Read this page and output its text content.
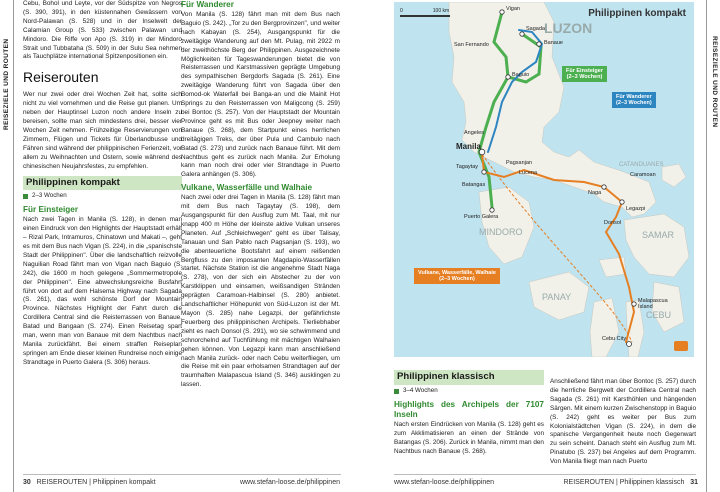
REISEZIELE UND ROUTEN

Cebu, Bohol und Leyte, vor der Südspitze von Negros (S. 390, 391), in den küstennahen Gewässern von Nord-Palawan (S. 528) und in der Inselwelt der Calamian Group (S. 533) zwischen Palawan und Mindoro. Die Riffe von Apo (S. 319) in der Mindoro Strait und Tubbataha (S. 509) in der Sulu Sea nehmen als Tauchplätze international Spitzenpositionen ein.

Reiserouten

Wer nur zwei oder drei Wochen Zeit hat, sollte sich nicht zu viel vornehmen und die Reise gut planen. Um neben der Hauptinsel Luzon noch andere Inseln zu bereisen, sollte man sich mindestens drei, besser vier Wochen Zeit nehmen. Frühzeitige Reservierungen von Zimmern, Flügen und Tickets für Überlandbusse und Fähren sind während der philippinischen Ferienzeit, vor allem zu Weihnachten und Ostern, sowie während des chinesischen Neujahrsfestes, zu empfehlen.

Philippinen kompakt
2–3 Wochen
Für Einsteiger

Nach zwei Tagen in Manila (S. 128), in denen man einen Eindruck von den Highlights der Hauptstadt erhält – Rizal Park, Intramuros, Chinatown und Makati –, geht es mit dem Bus nach Vigan (S. 224), in die „spanischste Stadt der Philippinen". Über die landschaftlich reizvolle Naguilian Road fährt man von Vigan nach Baguio (S. 242), die 1600 m hoch gelegene „Sommermetropole der Philippinen". Eine abwechslungsreiche Busfahrt führt von dort auf dem Halsema Highway nach Sagada (S. 261), das wohl schönste Dorf der Mountain Province. Nächstes Highlight der Fahrt durch die Cordillera Central sind die Reisterrassen von Banaue, Batad und Bangaan (S. 274). Einen Reisetag spart man, wenn man von Banaue mit dem Nachtbus nach Manila zurückfährt. Bei einem straffen Reiseplan springen am Ende dieser kleinen Rundreise noch einige Strandtage in Puerto Galera (S. 306) heraus.

Für Wanderer

Von Manila (S. 128) fährt man mit dem Bus nach Baguio (S. 242). „Tor zu den Bergprovinzen", und weiter nach Kabayan (S. 254), Ausgangspunkt für die zweitägige Wanderung auf den Mt. Pulag, mit 2922 m der zweithöchste Berg der Philippinen. Ausgezeichnete Möglichkeiten für Tageswanderungen bietet die von Reisterrassen und Karstmassiven geprägte Umgebung des sympathischen Bergdorfs Sagada (S. 261). Eine zweitägige Wanderung führt von Sagada über den Bomod-ok Waterfall bei Banga-an und die Mainit Hot Springs zu den Reisterrassen von Maligcong (S. 259) bei Bontoc (S. 257). Von der Hauptstadt der Mountain Province geht es mit Bus oder Jeepney weiter nach Banaue (S. 268), dem Startpunkt eines herrlichen dreitägigen Treks, der über Pula und Cambulo nach Batad (S. 273) und zurück nach Banaue führt. Mit dem Nachtbus geht es zurück nach Manila. Zur Erholung kann man noch drei oder vier Strandtage in Puerto Galera anhängen (S. 306).

Vulkane, Wasserfälle und Walhaie

Nach zwei oder drei Tagen in Manila (S. 128) fährt man mit dem Bus nach Tagaytay (S. 198), dem Ausgangspunkt für den Ausflug zum Mt. Taal, mit nur knapp 400 m Höhe der kleinste aktive Vulkan unseres Planeten. Auf „Schleichwegen" geht es über Talisay, Tanauan und San Pablo nach Pagsanjan (S. 193), wo die abenteuerliche Bootsfahrt auf einem reißenden Bergfluss zu den imposanten Magdapio-Wasserfällen startet. Nächste Station ist die angenehme Stadt Naga (S. 278), von der sich ein Abstecher zu der von Karstklippen und einsamen, weißsandigen Stränden geprägten Caramoan-Halbinsel (S. 280) anbietet. Landschaftlicher Höhepunkt von Süd-Luzon ist der Mt. Mayon (S. 285) nahe Legazpi, der gefährlichste Feuerberg des philippinischen Archipels. Tierliebhaber zieht es nach Donsol (S. 291), wo sie schwimmend und schnorchelnd auf Tuchfühlung mit mächtigen Walhaien gehen können. Von Legazpi kann man anschließend nach Manila zurück- oder nach Cebu weiterfliegen, um die Reise mit ein paar erholsamen Strandtagen auf der traumhaften Malapascua Island (S. 346) ausklingen zu lassen.

30 REISEROUTEN | Philippinen kompakt	www.stefan-loose.de/philippinen
REISEZIELE UND ROUTEN
0	100 km	Philippinen kompakt
LUZON
MINDORO	SAMAR
PANAY
CEBU
CATANDUANES
Vigan
Sagada
Banaue
Baguio
San Fernando
Angeles
Manila
Tagaytay
Pagsanjan
Lucena
Batangas
Puerto Galera
Naga
Caramoan
Legazpi
Donsol
Malapascua Island
Cebu City
Für Einsteiger
(2–3 Wochen)
Für Wanderer
(2–3 Wochen)
Vulkane, Wasserfälle, Walhaie
(2–3 Wochen)
Philippinen klassisch
3–4 Wochen
Highlights des Archipels der 7107 Inseln

Nach ersten Eindrücken von Manila (S. 128) geht es zum Akklimatisieren an einen der Strände von Batangas (S. 206). Zurück in Manila, nimmt man den Nachtbus nach Banaue (S. 268).

Anschließend fährt man über Bontoc (S. 257) durch die herrliche Bergwelt der Cordillera Central nach Sagada (S. 261) mit Karsthöhlen und hängenden Särgen. Mit einem kurzen Zwischenstopp in Baguio (S. 242) geht es weiter per Bus zum Kolonialstädtchen Vigan (S. 224), in dem die spanische Vergangenheit heute noch Gegenwart zu sein scheint. Danach steht ein Ausflug zum Mt. Pinatubo (S. 237) bei Angeles auf dem Programm. Von Manila fliegt man nach Puerto

www.stefan-loose.de/philippinen	REISEROUTEN | Philippinen klassisch 31
